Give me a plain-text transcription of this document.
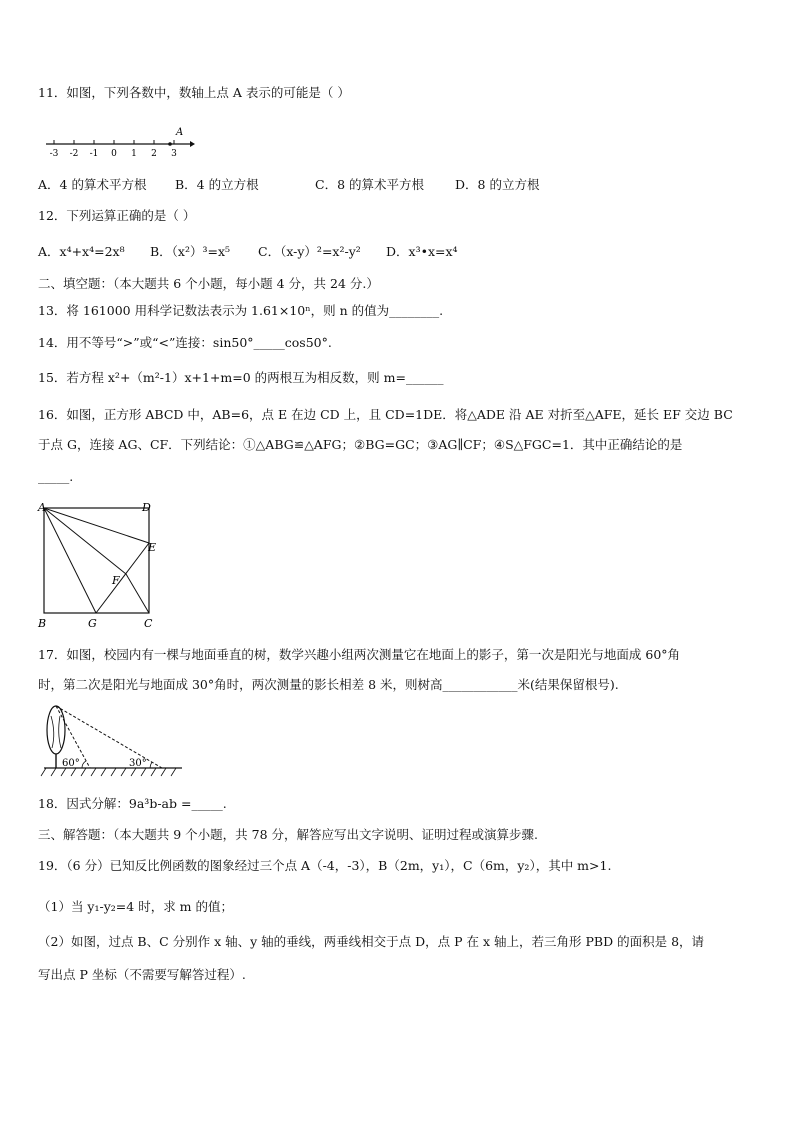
11．如图，下列各数中，数轴上点 A 表示的可能是（ ）
-3 -2 -1 0 1 2 3
A
A．4 的算术平方根 B．4 的立方根	C．8 的算术平方根 D．8 的立方根
12．下列运算正确的是（ ）
A．x⁴+x⁴=2x⁸ B．（x²）³=x⁵ C．（x-y）²=x²-y² D．x³•x=x⁴
二、填空题：（本大题共 6 个小题，每小题 4 分，共 24 分.）
13．将 161000 用科学记数法表示为 1.61×10ⁿ，则 n 的值为________.
14．用不等号“>”或“<”连接：sin50°_____cos50°.
15．若方程 x²+（m²-1）x+1+m=0 的两根互为相反数，则 m=______
16．如图，正方形 ABCD 中，AB=6，点 E 在边 CD 上，且 CD=1DE．将△ADE 沿 AE 对折至△AFE，延长 EF 交边 BC
于点 G，连接 AG、CF．下列结论：①△ABG≌△AFG；②BG=GC；③AG∥CF；④S△FGC=1．其中正确结论的是
_____.
A	D
E
F
B	G	C
17．如图，校园内有一棵与地面垂直的树，数学兴趣小组两次测量它在地面上的影子，第一次是阳光与地面成 60°角
时，第二次是阳光与地面成 30°角时，两次测量的影长相差 8 米，则树高____________米(结果保留根号).
60°	30°
18．因式分解：9a³b-ab =_____.
三、解答题：（本大题共 9 个小题，共 78 分，解答应写出文字说明、证明过程或演算步骤.
19．（6 分）已知反比例函数的图象经过三个点 A（-4，-3），B（2m，y₁），C（6m，y₂），其中 m>1.
（1）当 y₁-y₂=4 时，求 m 的值；
（2）如图，过点 B、C 分别作 x 轴、y 轴的垂线，两垂线相交于点 D，点 P 在 x 轴上，若三角形 PBD 的面积是 8，请
写出点 P 坐标（不需要写解答过程）.
